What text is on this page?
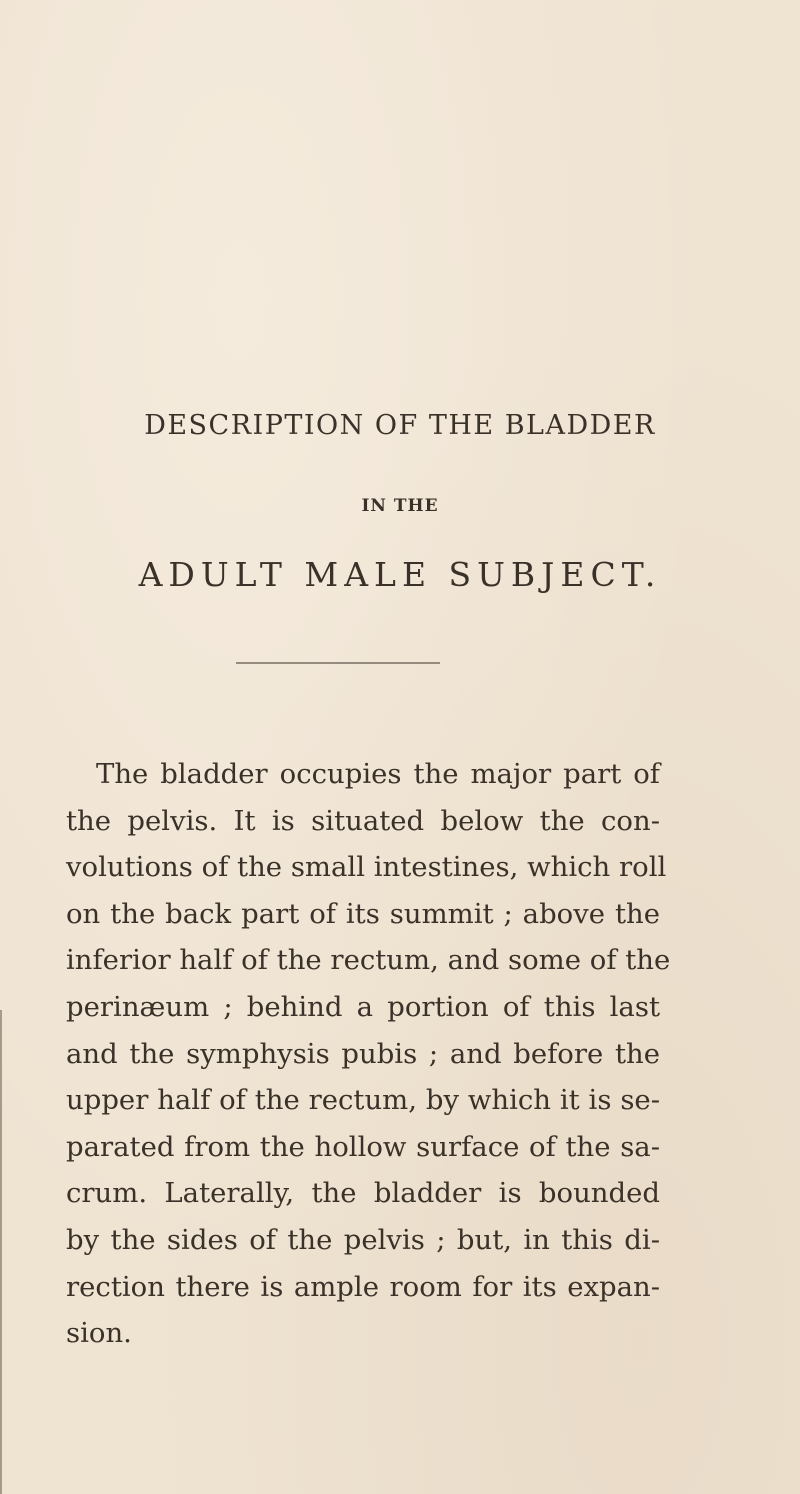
DESCRIPTION OF THE BLADDER
IN THE
ADULT MALE SUBJECT.
The bladder occupies the major part of
the pelvis. It is situated below the con-
volutions of the small intestines, which roll
on the back part of its summit ; above the
inferior half of the rectum, and some of the
perinæum ; behind a portion of this last
and the symphysis pubis ; and before the
upper half of the rectum, by which it is se-
parated from the hollow surface of the sa-
crum. Laterally, the bladder is bounded
by the sides of the pelvis ; but, in this di-
rection there is ample room for its expan-
sion.
